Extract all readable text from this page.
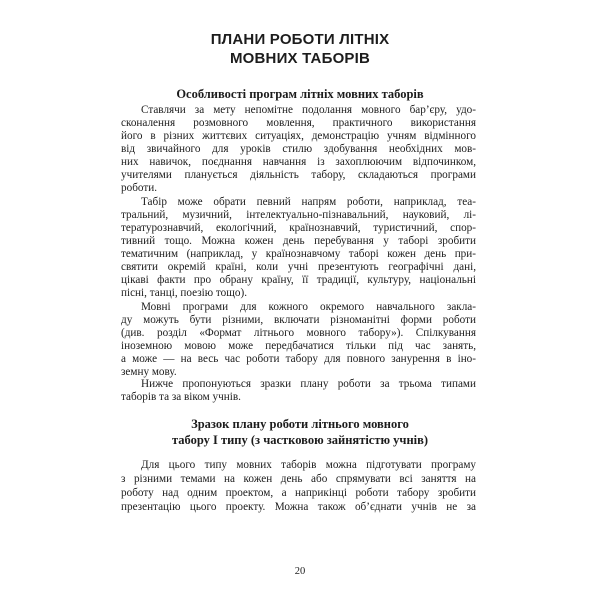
ПЛАНИ РОБОТИ ЛІТНІХ
МОВНИХ ТАБОРІВ
Особливості програм літніх мовних таборів
Ставлячи за мету непомітне подолання мовного бар’єру, удо-
сконалення розмовного мовлення, практичного використання
його в різних життєвих ситуаціях, демонстрацію учням відмінного
від звичайного для уроків стилю здобування необхідних мов-
них навичок, поєднання навчання із захоплюючим відпочинком,
учителями планується діяльність табору, складаються програми
роботи.
Табір може обрати певний напрям роботи, наприклад, теа-
тральний, музичний, інтелектуально-пізнавальний, науковий, лі-
тературознавчий, екологічний, країнознавчий, туристичний, спор-
тивний тощо. Можна кожен день перебування у таборі зробити
тематичним (наприклад, у країнознавчому таборі кожен день при-
святити окремій країні, коли учні презентують географічні дані,
цікаві факти про обрану країну, її традиції, культуру, національні
пісні, танці, поезію тощо).
Мовні програми для кожного окремого навчального закла-
ду можуть бути різними, включати різноманітні форми роботи
(див. розділ «Формат літнього мовного табору»). Спілкування
іноземною мовою може передбачатися тільки під час занять,
а може — на весь час роботи табору для повного занурення в іно-
земну мову.
Нижче пропонуються зразки плану роботи за трьома типами
таборів та за віком учнів.
Зразок плану роботи літнього мовного
табору I типу (з частковою зайнятістю учнів)
Для цього типу мовних таборів можна підготувати програму
з різними темами на кожен день або спрямувати всі заняття на
роботу над одним проектом, а наприкінці роботи табору зробити
презентацію цього проекту. Можна також об’єднати учнів не за
20
